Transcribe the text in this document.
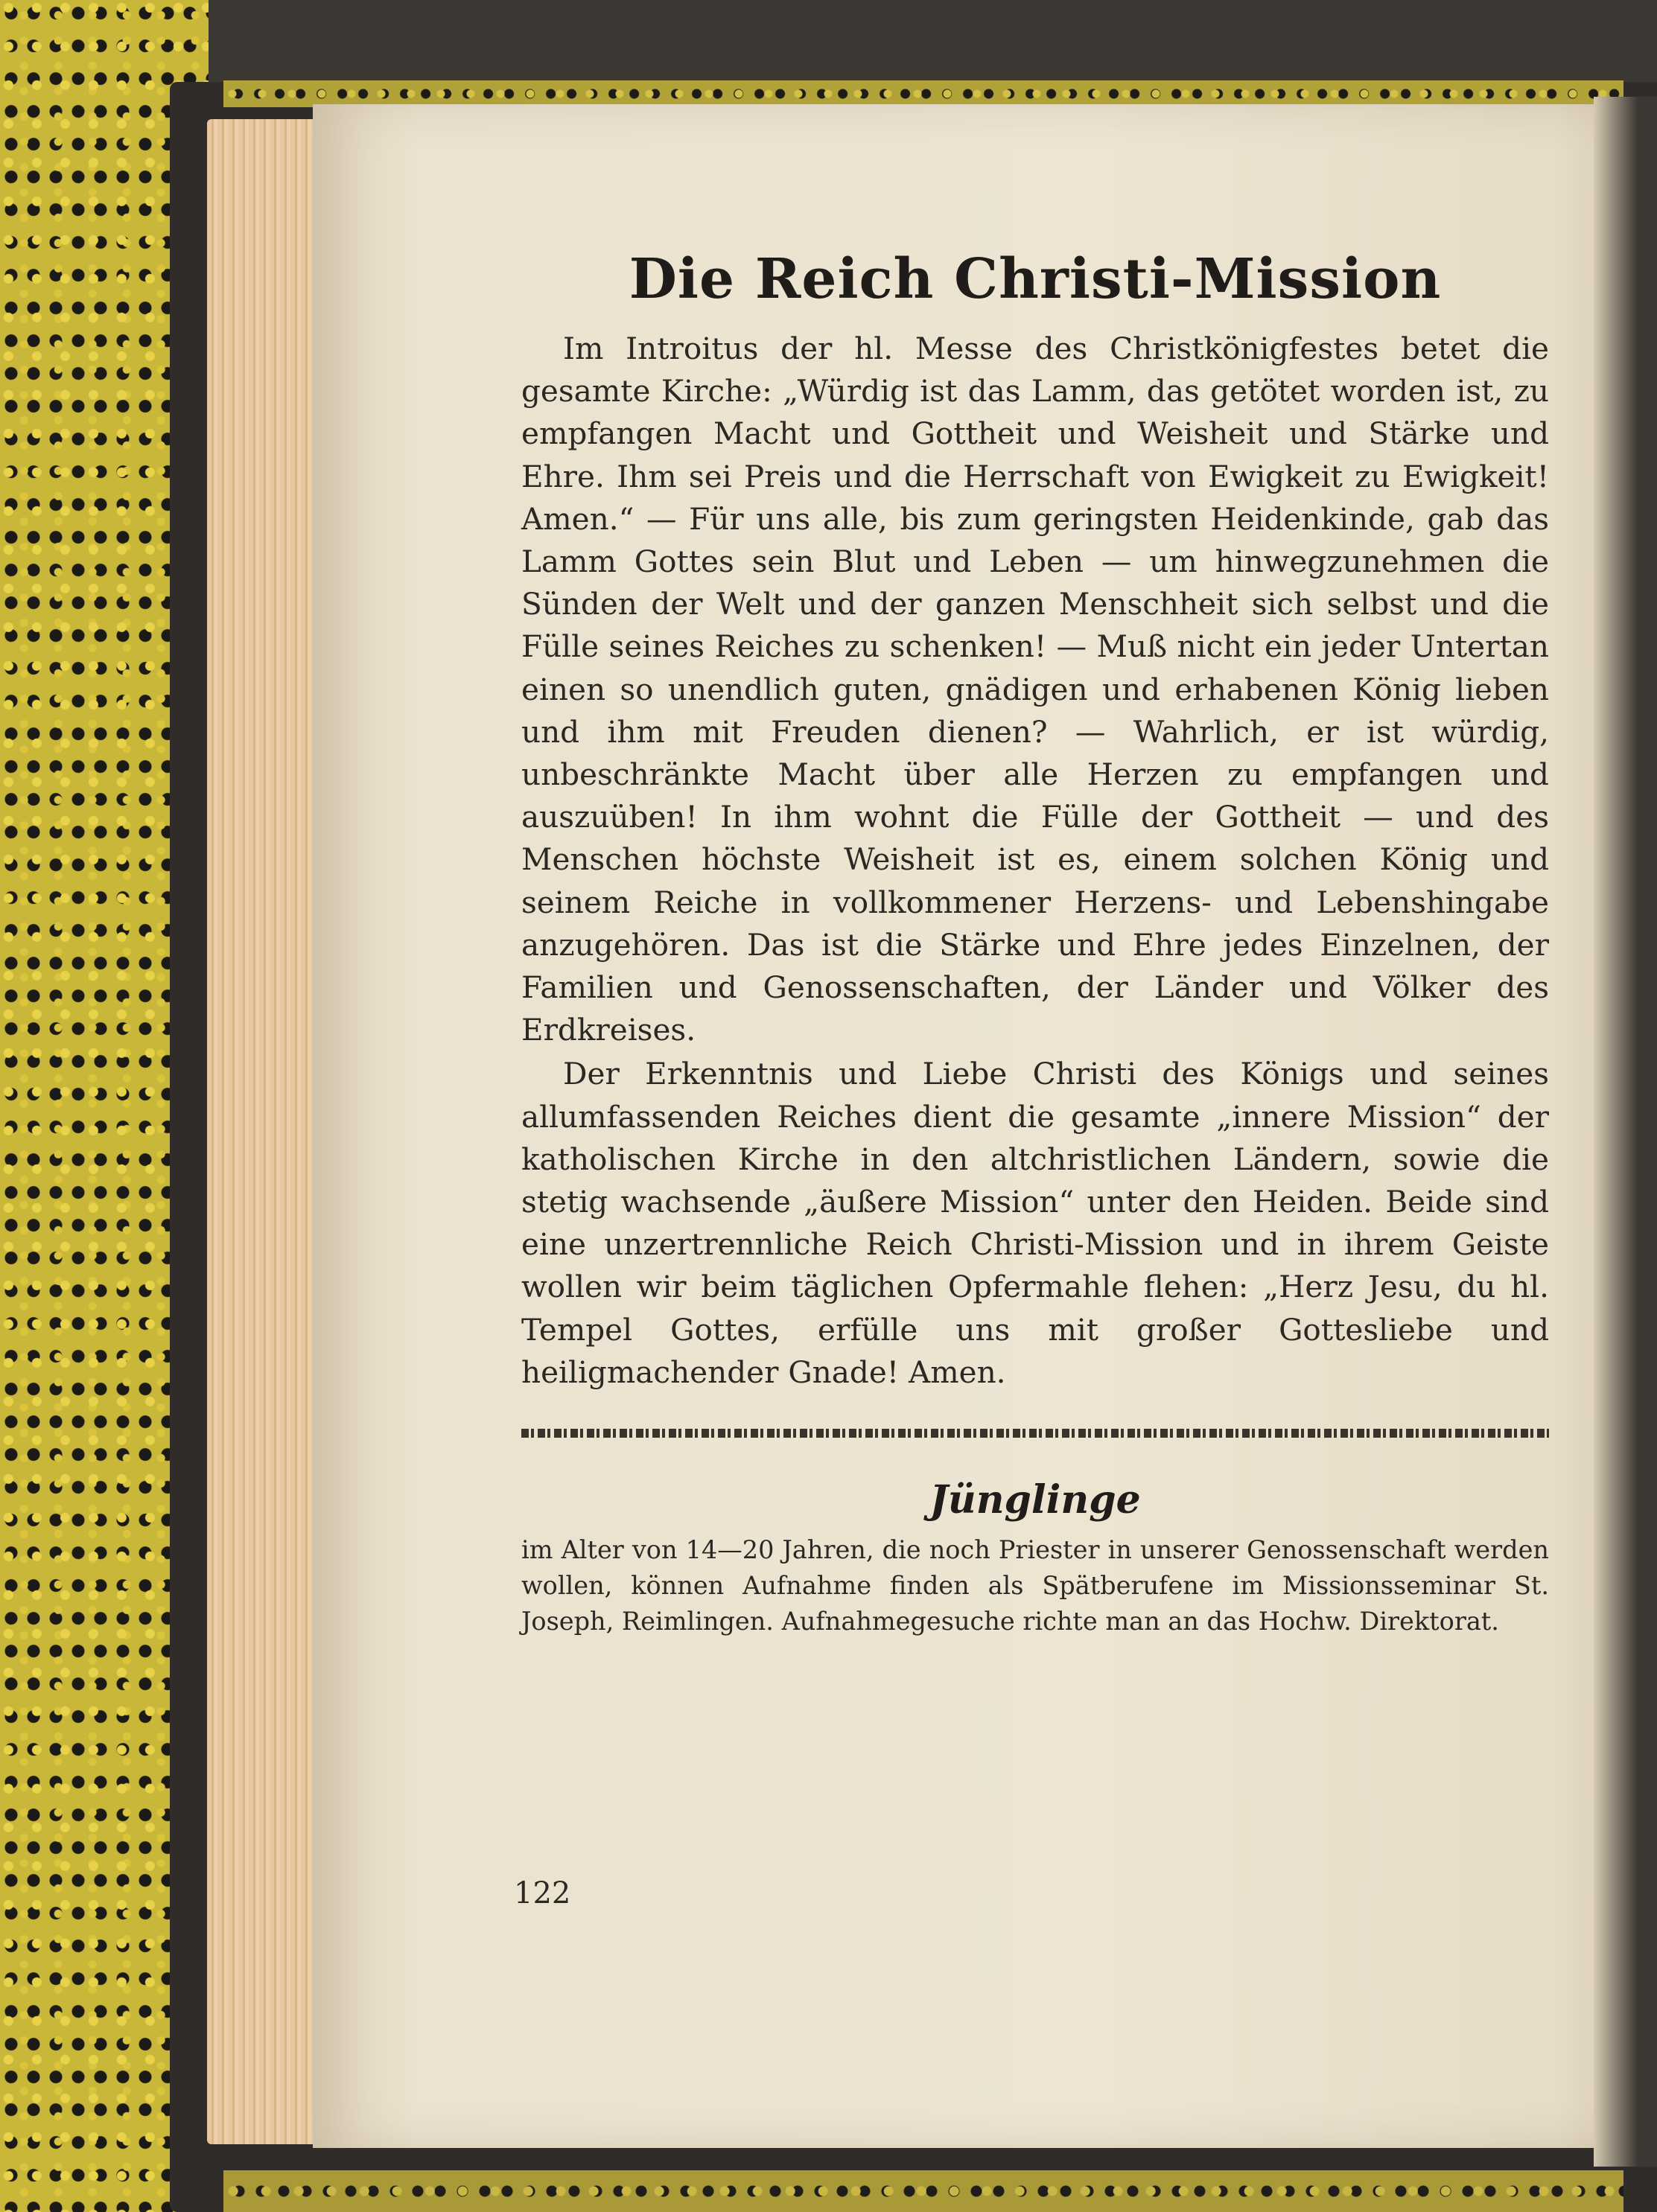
Die Reich Christi-Mission

Im Introitus der hl. Messe des Christkönigfestes betet die gesamte Kirche: „Würdig ist das Lamm, das getötet worden ist, zu empfangen Macht und Gottheit und Weisheit und Stärke und Ehre. Ihm sei Preis und die Herrschaft von Ewigkeit zu Ewigkeit! Amen.“ — Für uns alle, bis zum geringsten Heidenkinde, gab das Lamm Gottes sein Blut und Leben — um hinwegzunehmen die Sünden der Welt und der ganzen Menschheit sich selbst und die Fülle seines Reiches zu schenken! — Muß nicht ein jeder Untertan einen so unendlich guten, gnädigen und erhabenen König lieben und ihm mit Freuden dienen? — Wahrlich, er ist würdig, unbeschränkte Macht über alle Herzen zu empfangen und auszuüben! In ihm wohnt die Fülle der Gottheit — und des Menschen höchste Weisheit ist es, einem solchen König und seinem Reiche in vollkommener Herzens- und Lebenshingabe anzugehören. Das ist die Stärke und Ehre jedes Einzelnen, der Familien und Genossenschaften, der Länder und Völker des Erdkreises.

Der Erkenntnis und Liebe Christi des Königs und seines allumfassenden Reiches dient die gesamte „innere Mission“ der katholischen Kirche in den altchristlichen Ländern, sowie die stetig wachsende „äußere Mission“ unter den Heiden. Beide sind eine unzertrennliche Reich Christi-Mission und in ihrem Geiste wollen wir beim täglichen Opfermahle flehen: „Herz Jesu, du hl. Tempel Gottes, erfülle uns mit großer Gottesliebe und heiligmachender Gnade! Amen.

Jünglinge

im Alter von 14—20 Jahren, die noch Priester in unserer Genossenschaft werden wollen, können Aufnahme finden als Spätberufene im Missionsseminar St. Joseph, Reimlingen. Aufnahmegesuche richte man an das Hochw. Direktorat.

122
